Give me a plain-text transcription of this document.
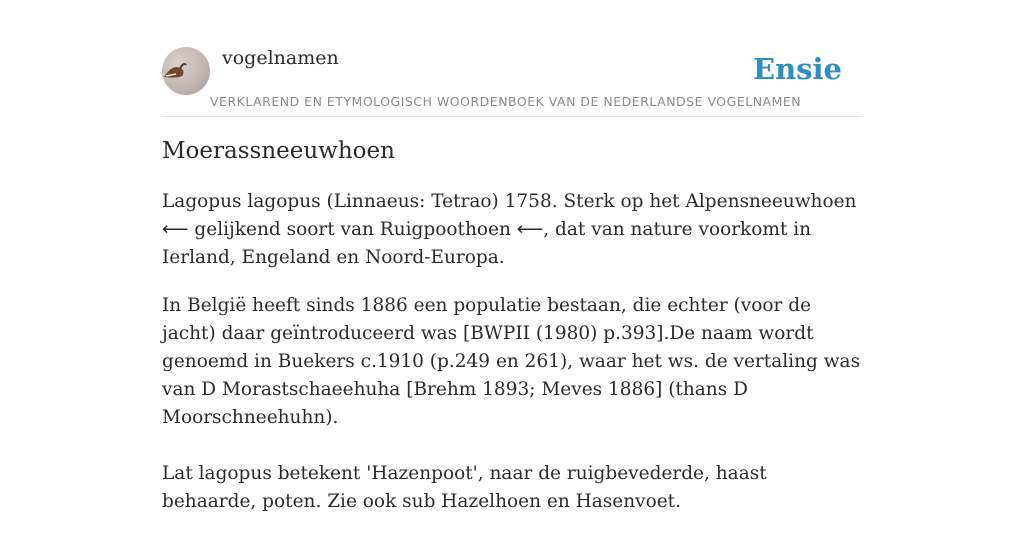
vogelnamen	Ensie
VERKLAREND EN ETYMOLOGISCH WOORDENBOEK VAN DE NEDERLANDSE VOGELNAMEN
Moerassneeuwhoen

Lagopus lagopus (Linnaeus: Tetrao) 1758. Sterk op het Alpensneeuwhoen ⟵ gelijkend soort van Ruigpoothoen ⟵, dat van nature voorkomt in Ierland, Engeland en Noord-Europa.

In België heeft sinds 1886 een populatie bestaan, die echter (voor de jacht) daar geïntroduceerd was [BWPII (1980) p.393].De naam wordt genoemd in Buekers c.1910 (p.249 en 261), waar het ws. de vertaling was van D Morastschaeehuha [Brehm 1893; Meves 1886] (thans D Moorschneehuhn).
Lat lagopus betekent 'Hazenpoot', naar de ruigbevederde, haast behaarde, poten. Zie ook sub Hazelhoen en Hasenvoet.
